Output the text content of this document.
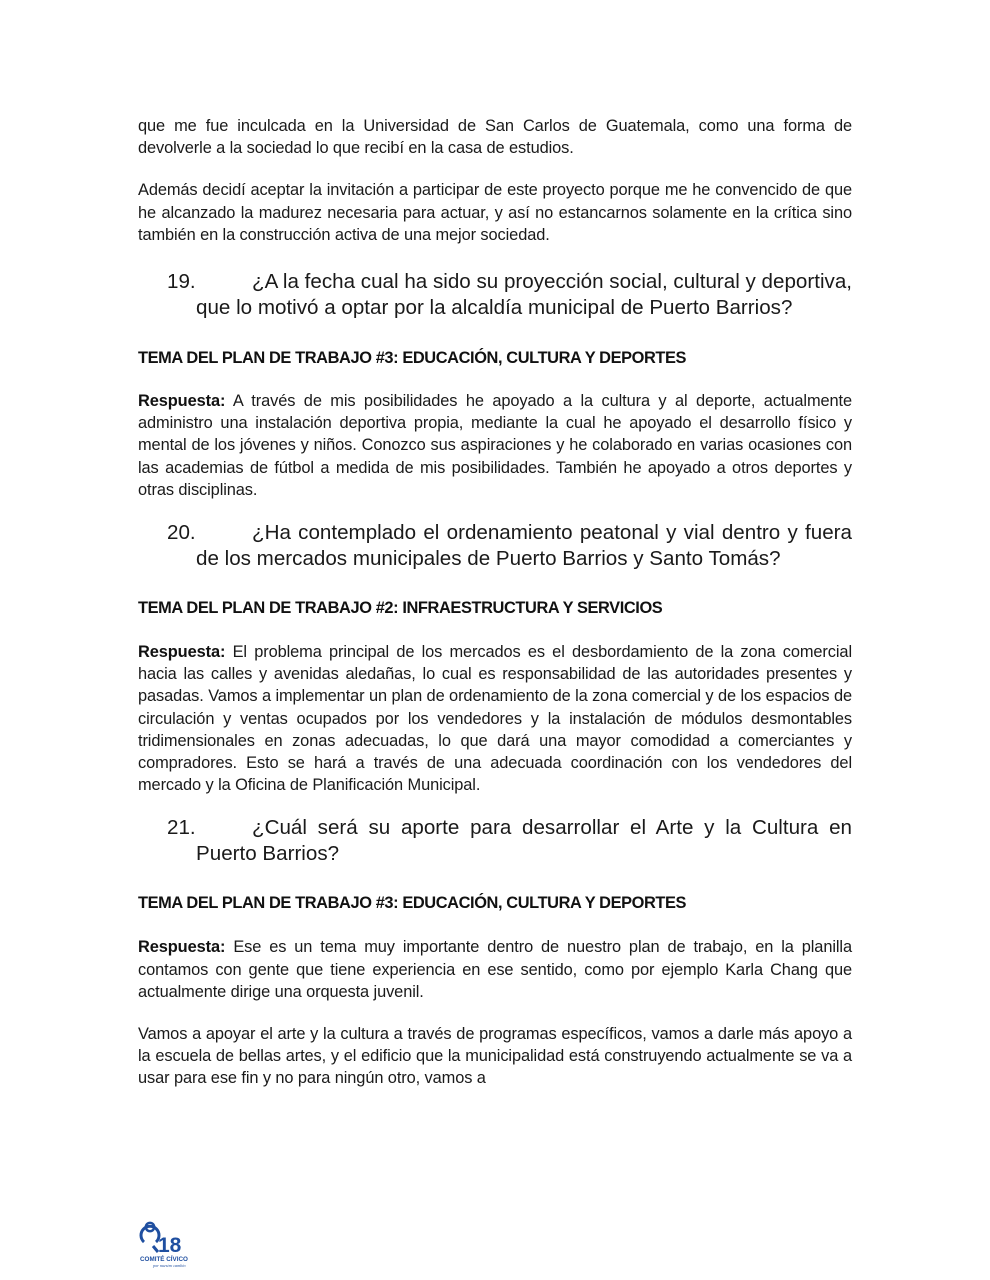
que me fue inculcada en la Universidad de San Carlos de Guatemala, como una forma de devolverle a la sociedad lo que recibí en la casa de estudios.

Además decidí aceptar la invitación a participar de este proyecto porque me he convencido de que he alcanzado la madurez necesaria para actuar, y así no estancarnos solamente en la crítica sino también en la construcción activa de una mejor sociedad.

19.	¿A la fecha cual ha sido su proyección social, cultural y deportiva, que lo motivó a optar por la alcaldía municipal de Puerto Barrios?

TEMA DEL PLAN DE TRABAJO #3: EDUCACIÓN, CULTURA Y DEPORTES

Respuesta: A través de mis posibilidades he apoyado a la cultura y al deporte, actualmente administro una instalación deportiva propia, mediante la cual he apoyado el desarrollo físico y mental de los jóvenes y niños. Conozco sus aspiraciones y he colaborado en varias ocasiones con las academias de fútbol a medida de mis posibilidades. También he apoyado a otros deportes y otras disciplinas.

20.	¿Ha contemplado el ordenamiento peatonal y vial dentro y fuera de los mercados municipales de Puerto Barrios y Santo Tomás?

TEMA DEL PLAN DE TRABAJO #2: INFRAESTRUCTURA Y SERVICIOS

Respuesta: El problema principal de los mercados es el desbordamiento de la zona comercial hacia las calles y avenidas aledañas, lo cual es responsabilidad de las autoridades presentes y pasadas. Vamos a implementar un plan de ordenamiento de la zona comercial y de los espacios de circulación y ventas ocupados por los vendedores y la instalación de módulos desmontables tridimensionales en zonas adecuadas, lo que dará una mayor comodidad a comerciantes y compradores. Esto se hará a través de una adecuada coordinación con los vendedores del mercado y la Oficina de Planificación Municipal.

21.	¿Cuál será su aporte para desarrollar el Arte y la Cultura en Puerto Barrios?

TEMA DEL PLAN DE TRABAJO #3: EDUCACIÓN, CULTURA Y DEPORTES

Respuesta: Ese es un tema muy importante dentro de nuestro plan de trabajo, en la planilla contamos con gente que tiene experiencia en ese sentido, como por ejemplo Karla Chang que actualmente dirige una orquesta juvenil.

Vamos a apoyar el arte y la cultura a través de programas específicos, vamos a darle más apoyo a la escuela de bellas artes, y el edificio que la municipalidad está construyendo actualmente se va a usar para ese fin y no para ningún otro, vamos a

18
COMITÉ CÍVICO
por nuestro cambio
